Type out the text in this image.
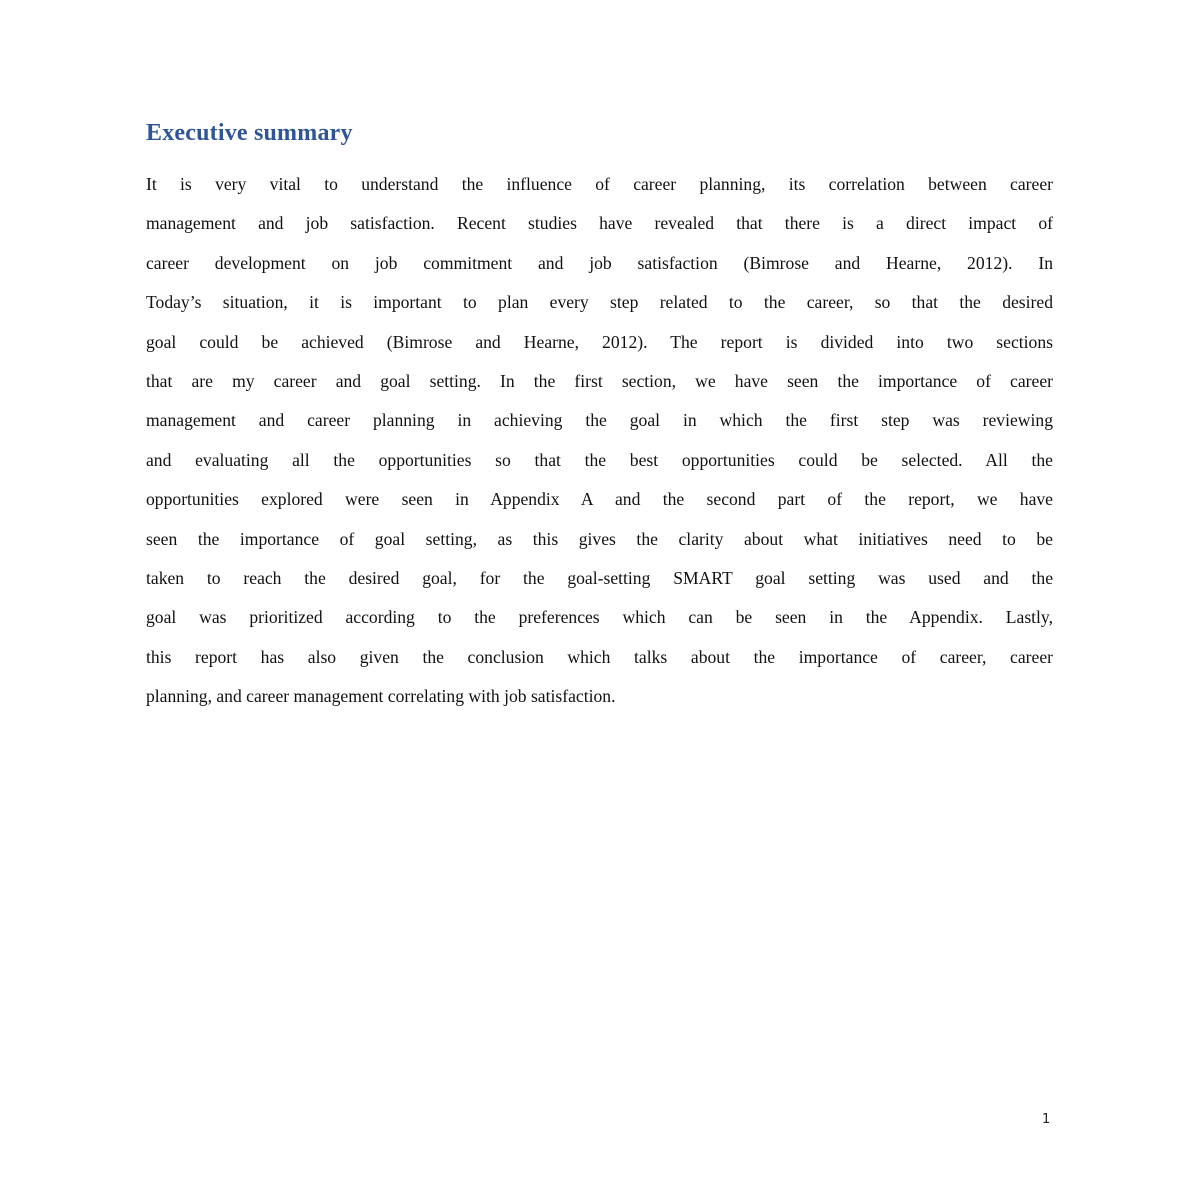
Executive summary
It is very vital to understand the influence of career planning, its correlation between career
management and job satisfaction. Recent studies have revealed that there is a direct impact of
career development on job commitment and job satisfaction (Bimrose and Hearne, 2012). In
Today’s situation, it is important to plan every step related to the career, so that the desired
goal could be achieved (Bimrose and Hearne, 2012). The report is divided into two sections
that are my career and goal setting. In the first section, we have seen the importance of career
management and career planning in achieving the goal in which the first step was reviewing
and evaluating all the opportunities so that the best opportunities could be selected. All the
opportunities explored were seen in Appendix A and the second part of the report, we have
seen the importance of goal setting, as this gives the clarity about what initiatives need to be
taken to reach the desired goal, for the goal-setting SMART goal setting was used and the
goal was prioritized according to the preferences which can be seen in the Appendix. Lastly,
this report has also given the conclusion which talks about the importance of career, career
planning, and career management correlating with job satisfaction.
1
